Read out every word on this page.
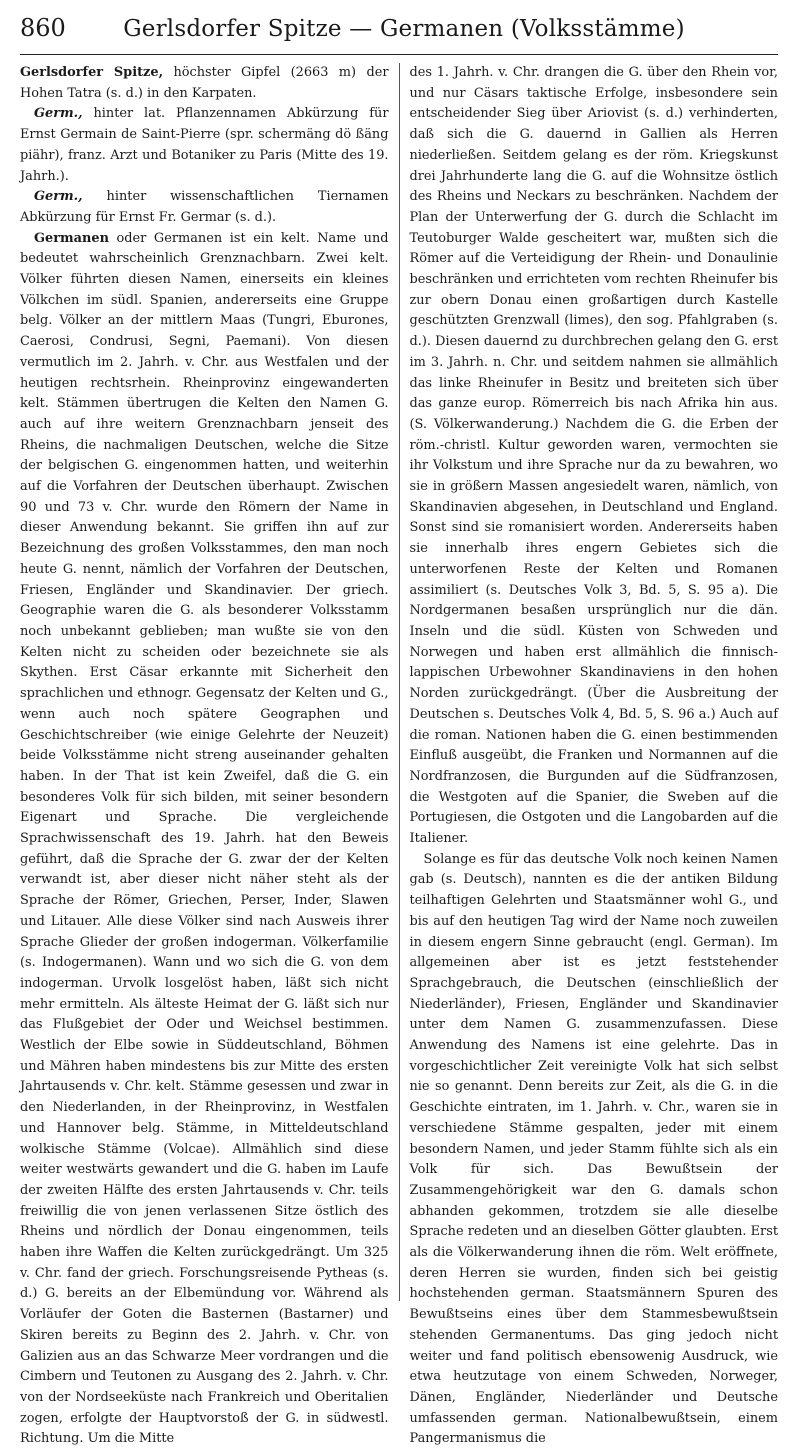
860	Gerlsdorfer Spitze — Germanen (Volksstämme)

Gerlsdorfer Spitze, höchster Gipfel (2663 m) der Hohen Tatra (s. d.) in den Karpaten.

Germ., hinter lat. Pflanzennamen Abkürzung für Ernst Germain de Saint-Pierre (spr. schermäng dö ßäng piähr), franz. Arzt und Botaniker zu Paris (Mitte des 19. Jahrh.).

Germ., hinter wissenschaftlichen Tiernamen Abkürzung für Ernst Fr. Germar (s. d.).

Germanen oder Germanen ist ein kelt. Name und bedeutet wahrscheinlich Grenznachbarn. Zwei kelt. Völker führten diesen Namen, einerseits ein kleines Völkchen im südl. Spanien, andererseits eine Gruppe belg. Völker an der mittlern Maas (Tungri, Eburones, Caerosi, Condrusi, Segni, Paemani). Von diesen vermutlich im 2. Jahrh. v. Chr. aus Westfalen und der heutigen rechtsrhein. Rheinprovinz eingewanderten kelt. Stämmen übertrugen die Kelten den Namen G. auch auf ihre weitern Grenznachbarn jenseit des Rheins, die nachmaligen Deutschen, welche die Sitze der belgischen G. eingenommen hatten, und weiterhin auf die Vorfahren der Deutschen überhaupt. Zwischen 90 und 73 v. Chr. wurde den Römern der Name in dieser Anwendung bekannt. Sie griffen ihn auf zur Bezeichnung des großen Volksstammes, den man noch heute G. nennt, nämlich der Vorfahren der Deutschen, Friesen, Engländer und Skandinavier. Der griech. Geographie waren die G. als besonderer Volksstamm noch unbekannt geblieben; man wußte sie von den Kelten nicht zu scheiden oder bezeichnete sie als Skythen. Erst Cäsar erkannte mit Sicherheit den sprachlichen und ethnogr. Gegensatz der Kelten und G., wenn auch noch spätere Geographen und Geschichtschreiber (wie einige Gelehrte der Neuzeit) beide Volksstämme nicht streng auseinander gehalten haben. In der That ist kein Zweifel, daß die G. ein besonderes Volk für sich bilden, mit seiner besondern Eigenart und Sprache. Die vergleichende Sprachwissenschaft des 19. Jahrh. hat den Beweis geführt, daß die Sprache der G. zwar der der Kelten verwandt ist, aber dieser nicht näher steht als der Sprache der Römer, Griechen, Perser, Inder, Slawen und Litauer. Alle diese Völker sind nach Ausweis ihrer Sprache Glieder der großen indogerman. Völkerfamilie (s. Indogermanen). Wann und wo sich die G. von dem indogerman. Urvolk losgelöst haben, läßt sich nicht mehr ermitteln. Als älteste Heimat der G. läßt sich nur das Flußgebiet der Oder und Weichsel bestimmen. Westlich der Elbe sowie in Süddeutschland, Böhmen und Mähren haben mindestens bis zur Mitte des ersten Jahrtausends v. Chr. kelt. Stämme gesessen und zwar in den Niederlanden, in der Rheinprovinz, in Westfalen und Hannover belg. Stämme, in Mitteldeutschland wolkische Stämme (Volcae). Allmählich sind diese weiter westwärts gewandert und die G. haben im Laufe der zweiten Hälfte des ersten Jahrtausends v. Chr. teils freiwillig die von jenen verlassenen Sitze östlich des Rheins und nördlich der Donau eingenommen, teils haben ihre Waffen die Kelten zurückgedrängt. Um 325 v. Chr. fand der griech. Forschungsreisende Pytheas (s. d.) G. bereits an der Elbemündung vor. Während als Vorläufer der Goten die Basternen (Bastarner) und Skiren bereits zu Beginn des 2. Jahrh. v. Chr. von Galizien aus an das Schwarze Meer vordrangen und die Cimbern und Teutonen zu Ausgang des 2. Jahrh. v. Chr. von der Nordseeküste nach Frankreich und Oberitalien zogen, erfolgte der Hauptvorstoß der G. in südwestl. Richtung. Um die Mitte

des 1. Jahrh. v. Chr. drangen die G. über den Rhein vor, und nur Cäsars taktische Erfolge, insbesondere sein entscheidender Sieg über Ariovist (s. d.) verhinderten, daß sich die G. dauernd in Gallien als Herren niederließen. Seitdem gelang es der röm. Kriegskunst drei Jahrhunderte lang die G. auf die Wohnsitze östlich des Rheins und Neckars zu beschränken. Nachdem der Plan der Unterwerfung der G. durch die Schlacht im Teutoburger Walde gescheitert war, mußten sich die Römer auf die Verteidigung der Rhein- und Donaulinie beschränken und errichteten vom rechten Rheinufer bis zur obern Donau einen großartigen durch Kastelle geschützten Grenzwall (limes), den sog. Pfahlgraben (s. d.). Diesen dauernd zu durchbrechen gelang den G. erst im 3. Jahrh. n. Chr. und seitdem nahmen sie allmählich das linke Rheinufer in Besitz und breiteten sich über das ganze europ. Römerreich bis nach Afrika hin aus. (S. Völkerwanderung.) Nachdem die G. die Erben der röm.-christl. Kultur geworden waren, vermochten sie ihr Volkstum und ihre Sprache nur da zu bewahren, wo sie in größern Massen angesiedelt waren, nämlich, von Skandinavien abgesehen, in Deutschland und England. Sonst sind sie romanisiert worden. Andererseits haben sie innerhalb ihres engern Gebietes sich die unterworfenen Reste der Kelten und Romanen assimiliert (s. Deutsches Volk 3, Bd. 5, S. 95 a). Die Nordgermanen besaßen ursprünglich nur die dän. Inseln und die südl. Küsten von Schweden und Norwegen und haben erst allmählich die finnisch-lappischen Urbewohner Skandinaviens in den hohen Norden zurückgedrängt. (Über die Ausbreitung der Deutschen s. Deutsches Volk 4, Bd. 5, S. 96 a.) Auch auf die roman. Nationen haben die G. einen bestimmenden Einfluß ausgeübt, die Franken und Normannen auf die Nordfranzosen, die Burgunden auf die Südfranzosen, die Westgoten auf die Spanier, die Sweben auf die Portugiesen, die Ostgoten und die Langobarden auf die Italiener.

Solange es für das deutsche Volk noch keinen Namen gab (s. Deutsch), nannten es die der antiken Bildung teilhaftigen Gelehrten und Staatsmänner wohl G., und bis auf den heutigen Tag wird der Name noch zuweilen in diesem engern Sinne gebraucht (engl. German). Im allgemeinen aber ist es jetzt feststehender Sprachgebrauch, die Deutschen (einschließlich der Niederländer), Friesen, Engländer und Skandinavier unter dem Namen G. zusammenzufassen. Diese Anwendung des Namens ist eine gelehrte. Das in vorgeschichtlicher Zeit vereinigte Volk hat sich selbst nie so genannt. Denn bereits zur Zeit, als die G. in die Geschichte eintraten, im 1. Jahrh. v. Chr., waren sie in verschiedene Stämme gespalten, jeder mit einem besondern Namen, und jeder Stamm fühlte sich als ein Volk für sich. Das Bewußtsein der Zusammengehörigkeit war den G. damals schon abhanden gekommen, trotzdem sie alle dieselbe Sprache redeten und an dieselben Götter glaubten. Erst als die Völkerwanderung ihnen die röm. Welt eröffnete, deren Herren sie wurden, finden sich bei geistig hochstehenden german. Staatsmännern Spuren des Bewußtseins eines über dem Stammesbewußtsein stehenden Germanentums. Das ging jedoch nicht weiter und fand politisch ebensowenig Ausdruck, wie etwa heutzutage von einem Schweden, Norweger, Dänen, Engländer, Niederländer und Deutsche umfassenden german. Nationalbewußtsein, einem Pangermanismus die
